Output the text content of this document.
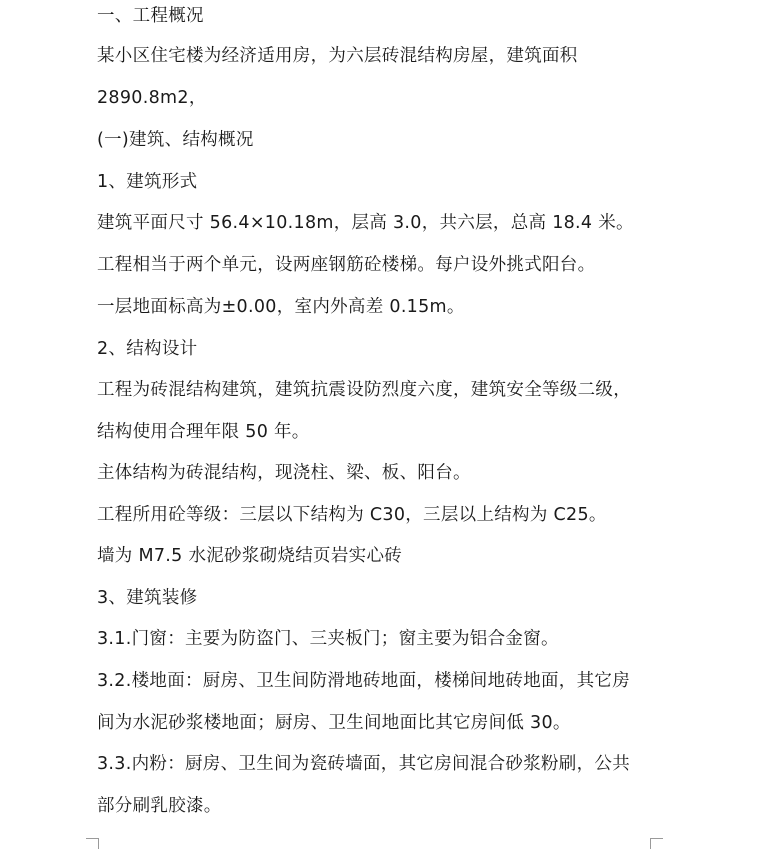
一、工程概况
某小区住宅楼为经济适用房，为六层砖混结构房屋，建筑面积
2890.8m2，
(一)建筑、结构概况
1、建筑形式
建筑平面尺寸 56.4×10.18m，层高 3.0，共六层，总高 18.4 米。
工程相当于两个单元，设两座钢筋砼楼梯。每户设外挑式阳台。
一层地面标高为±0.00，室内外高差 0.15m。
2、结构设计
工程为砖混结构建筑，建筑抗震设防烈度六度，建筑安全等级二级，
结构使用合理年限 50 年。
主体结构为砖混结构，现浇柱、梁、板、阳台。
工程所用砼等级：三层以下结构为 C30，三层以上结构为 C25。
墙为 M7.5 水泥砂浆砌烧结页岩实心砖
3、建筑装修
3.1.门窗：主要为防盗门、三夹板门；窗主要为铝合金窗。
3.2.楼地面：厨房、卫生间防滑地砖地面，楼梯间地砖地面，其它房
间为水泥砂浆楼地面；厨房、卫生间地面比其它房间低 30。
3.3.内粉：厨房、卫生间为瓷砖墙面，其它房间混合砂浆粉刷，公共
部分刷乳胶漆。
